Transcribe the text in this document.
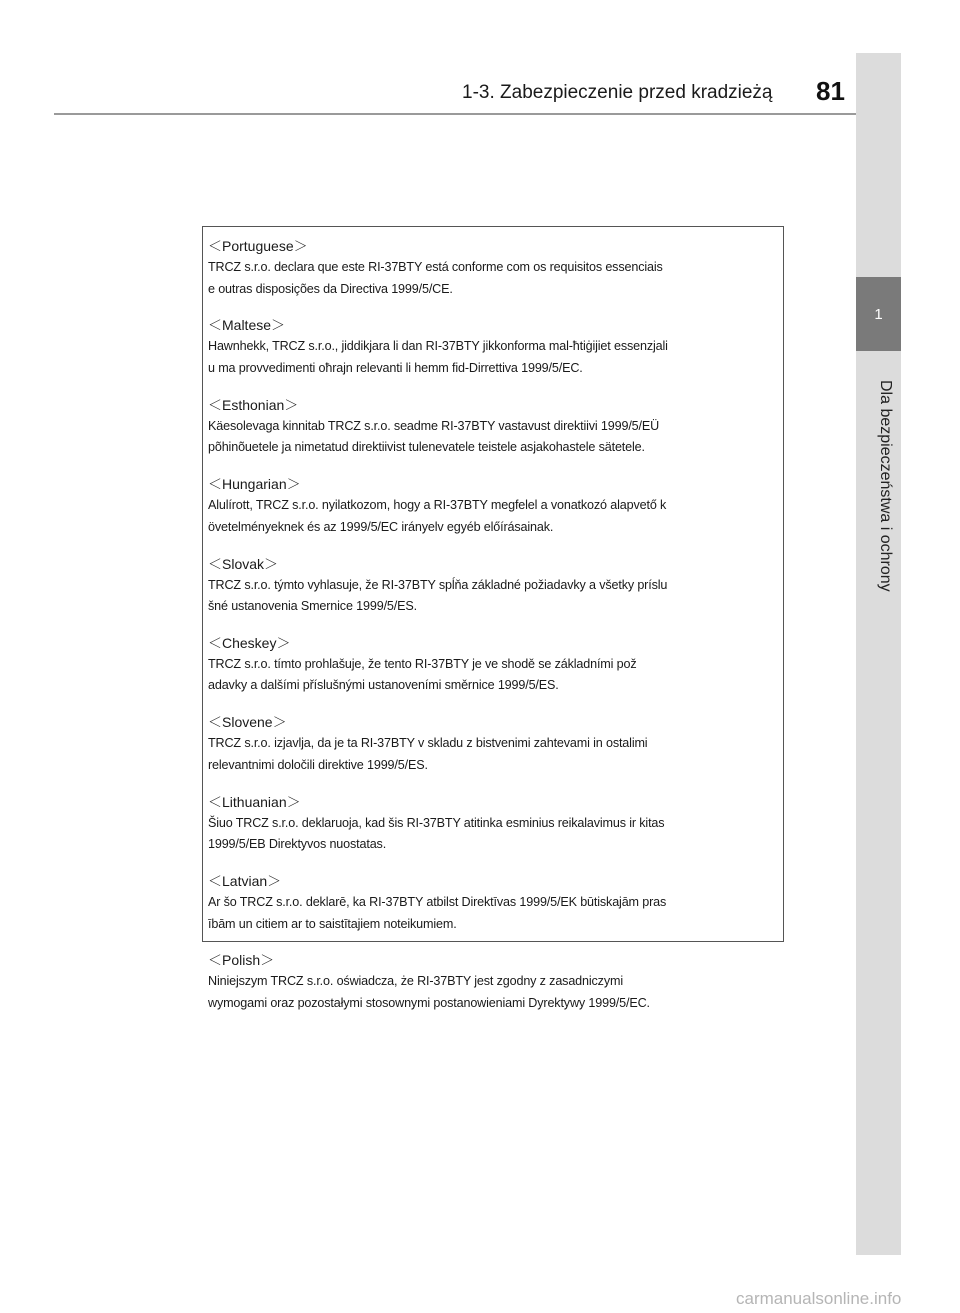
1
Dla bezpieczeństwa i ochrony
1-3. Zabezpieczenie przed kradzieżą 81
＜Portuguese＞
TRCZ s.r.o. declara que este RI-37BTY está conforme com os requisitos essenciais
e outras disposições da Directiva 1999/5/CE.
＜Maltese＞
Hawnhekk, TRCZ s.r.o., jiddikjara li dan RI-37BTY jikkonforma mal-ħtiġijiet essenzjali
u ma provvedimenti oħrajn relevanti li hemm fid-Dirrettiva 1999/5/EC.
＜Esthonian＞
Käesolevaga kinnitab TRCZ s.r.o. seadme RI-37BTY vastavust direktiivi 1999/5/EÜ
põhinõuetele ja nimetatud direktiivist tulenevatele teistele asjakohastele sätetele.
＜Hungarian＞
Alulírott, TRCZ s.r.o. nyilatkozom, hogy a RI-37BTY megfelel a vonatkozó alapvető k
övetelményeknek és az 1999/5/EC irányelv egyéb előírásainak.
＜Slovak＞
TRCZ s.r.o. týmto vyhlasuje, že RI-37BTY spĺňa základné požiadavky a všetky príslu
šné ustanovenia Smernice 1999/5/ES.
＜Cheskey＞
TRCZ s.r.o. tímto prohlašuje, že tento RI-37BTY je ve shodě se základními pož
adavky a dalšími příslušnými ustanoveními směrnice 1999/5/ES.
＜Slovene＞
TRCZ s.r.o. izjavlja, da je ta RI-37BTY v skladu z bistvenimi zahtevami in ostalimi
relevantnimi določili direktive 1999/5/ES.
＜Lithuanian＞
Šiuo TRCZ s.r.o. deklaruoja, kad šis RI-37BTY atitinka esminius reikalavimus ir kitas
1999/5/EB Direktyvos nuostatas.
＜Latvian＞
Ar šo TRCZ s.r.o. deklarē, ka RI-37BTY atbilst Direktīvas 1999/5/EK būtiskajām pras
ībām un citiem ar to saistītajiem noteikumiem.
＜Polish＞
Niniejszym TRCZ s.r.o. oświadcza, że RI-37BTY jest zgodny z zasadniczymi
wymogami oraz pozostałymi stosownymi postanowieniami Dyrektywy 1999/5/EC.
carmanualsonline.info
